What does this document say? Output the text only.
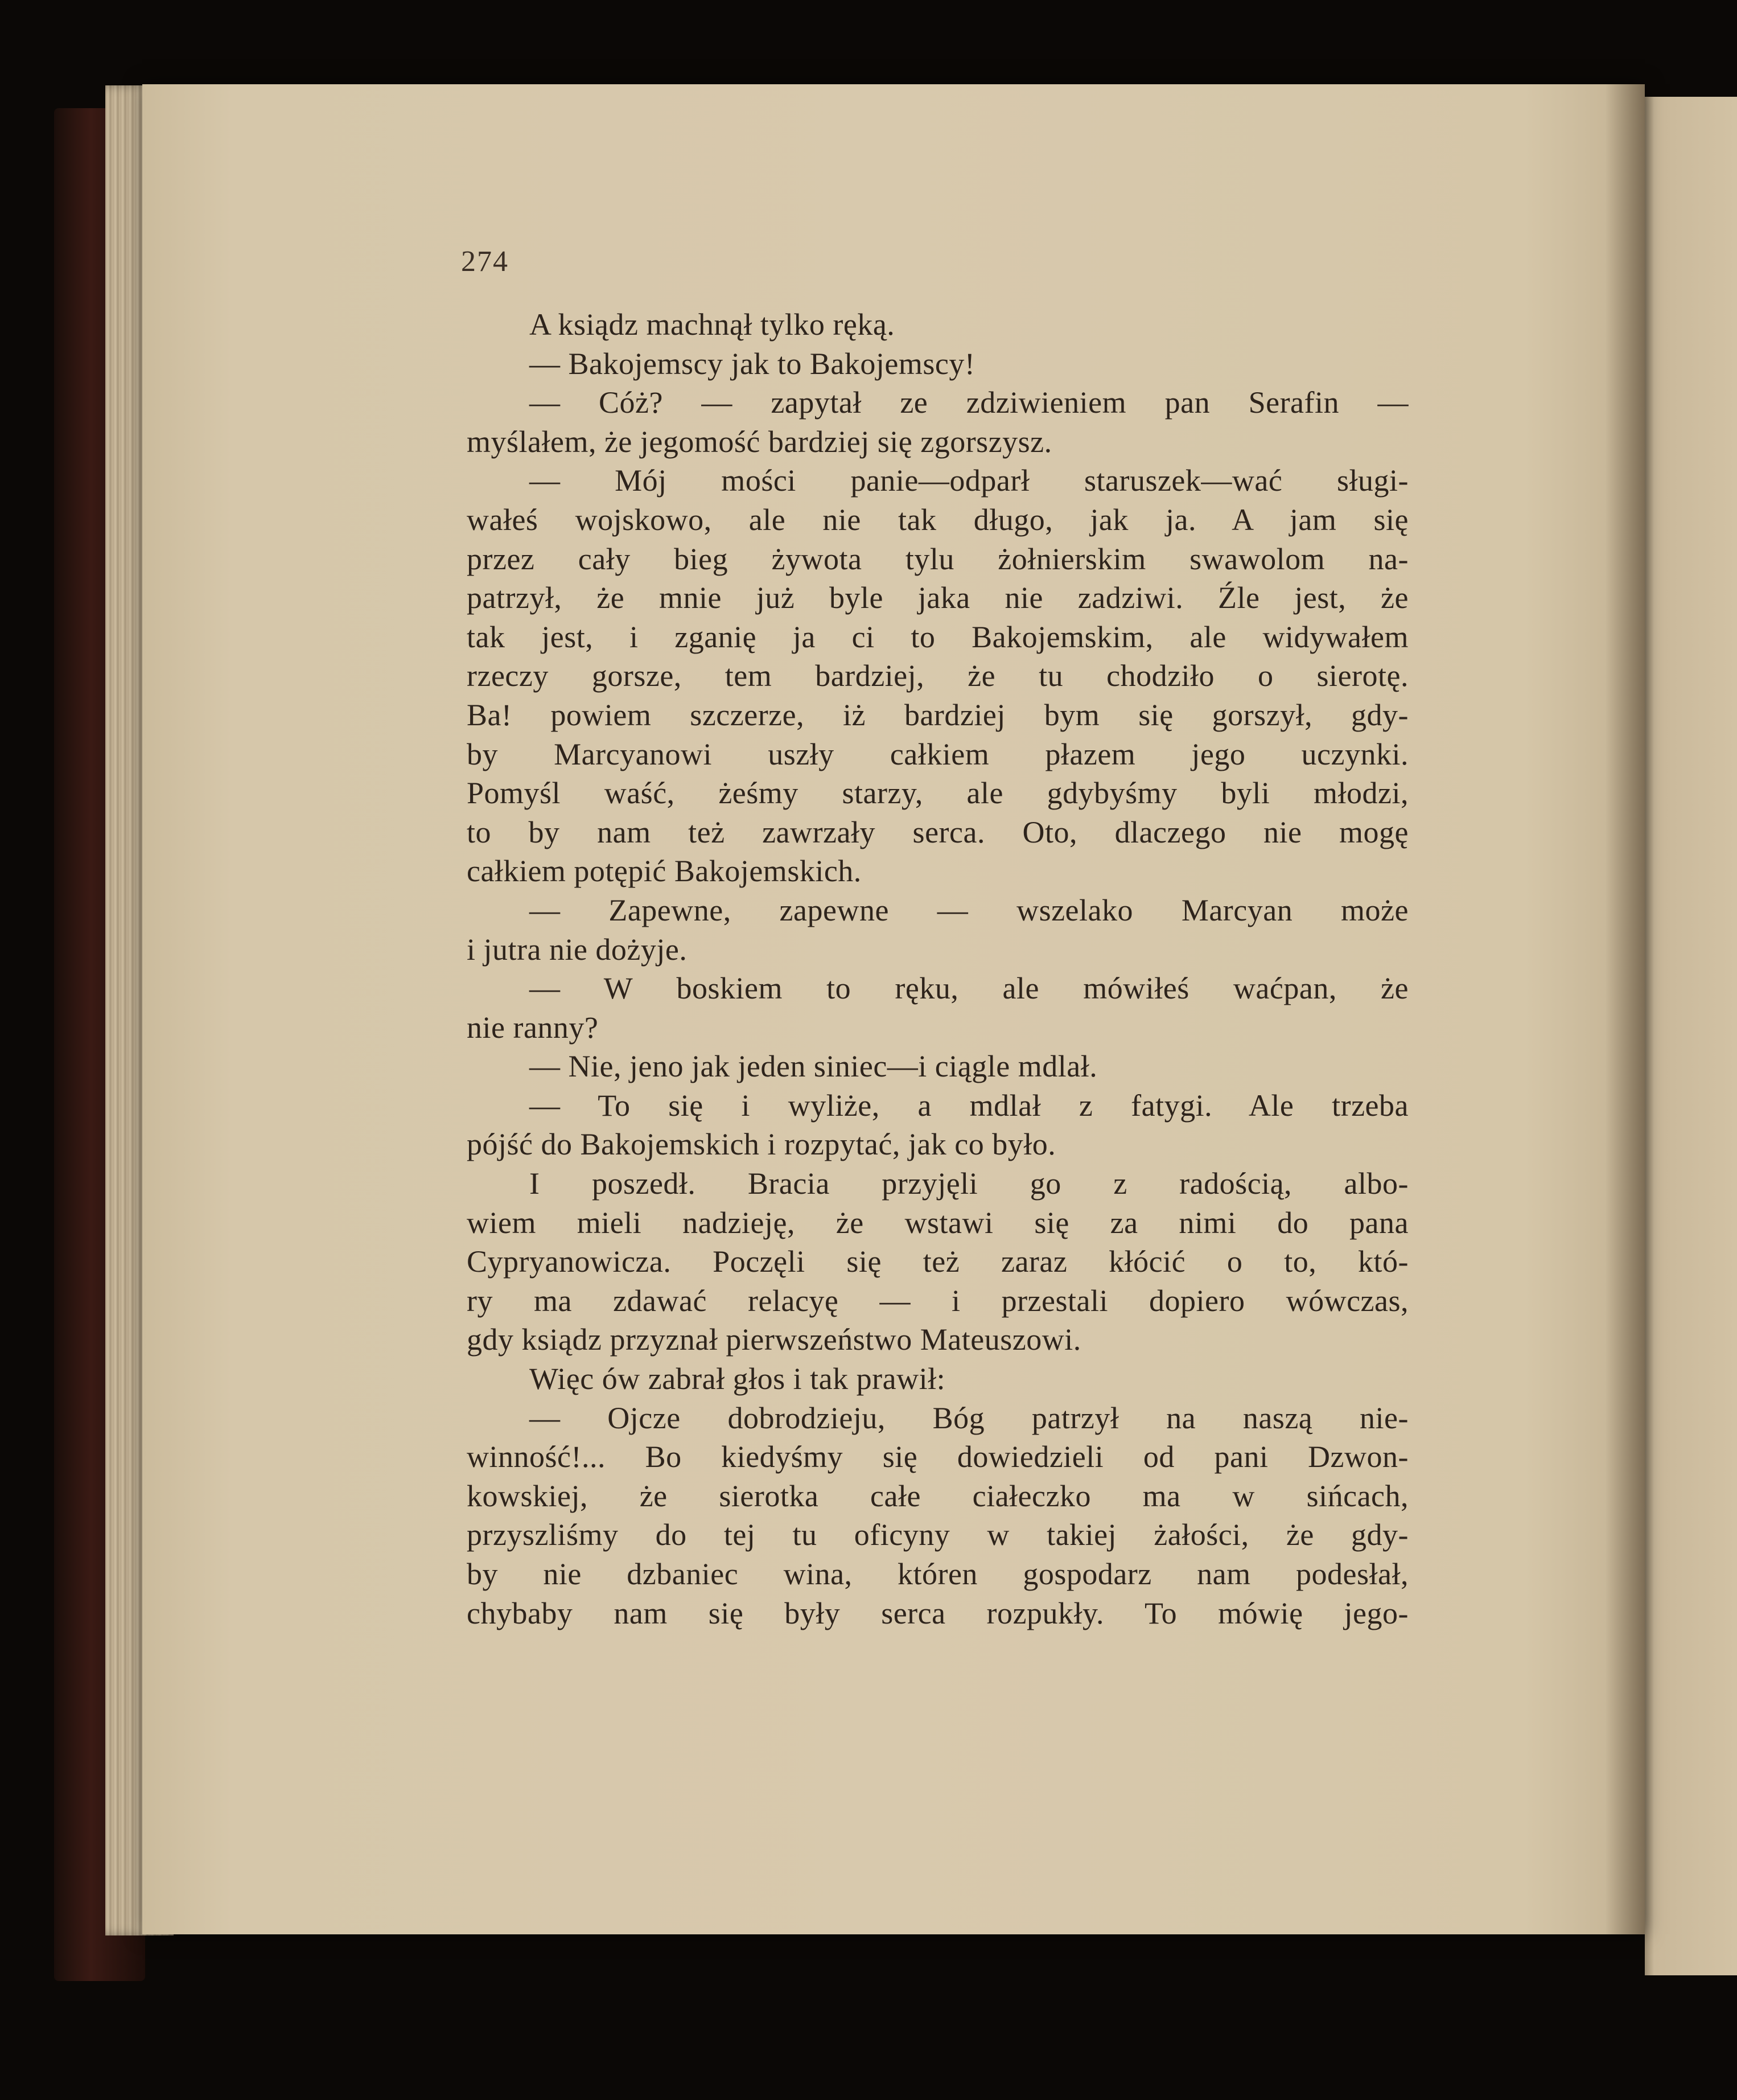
274
A ksiądz machnął tylko ręką.
— Bakojemscy jak to Bakojemscy!
— Cóż? — zapytał ze zdziwieniem pan Serafin —
myślałem, że jegomość bardziej się zgorszysz.
— Mój mości panie—odparł staruszek—wać sługi-
wałeś wojskowo, ale nie tak długo, jak ja. A jam się
przez cały bieg żywota tylu żołnierskim swawolom na-
patrzył, że mnie już byle jaka nie zadziwi. Źle jest, że
tak jest, i zganię ja ci to Bakojemskim, ale widywałem
rzeczy gorsze, tem bardziej, że tu chodziło o sierotę.
Ba! powiem szczerze, iż bardziej bym się gorszył, gdy-
by Marcyanowi uszły całkiem płazem jego uczynki.
Pomyśl waść, żeśmy starzy, ale gdybyśmy byli młodzi,
to by nam też zawrzały serca. Oto, dlaczego nie mogę
całkiem potępić Bakojemskich.
— Zapewne, zapewne — wszelako Marcyan może
i jutra nie dożyje.
— W boskiem to ręku, ale mówiłeś waćpan, że
nie ranny?
— Nie, jeno jak jeden siniec—i ciągle mdlał.
— To się i wyliże, a mdlał z fatygi. Ale trzeba
pójść do Bakojemskich i rozpytać, jak co było.
I poszedł. Bracia przyjęli go z radością, albo-
wiem mieli nadzieję, że wstawi się za nimi do pana
Cypryanowicza. Poczęli się też zaraz kłócić o to, któ-
ry ma zdawać relacyę — i przestali dopiero wówczas,
gdy ksiądz przyznał pierwszeństwo Mateuszowi.
Więc ów zabrał głos i tak prawił:
— Ojcze dobrodzieju, Bóg patrzył na naszą nie-
winność!... Bo kiedyśmy się dowiedzieli od pani Dzwon-
kowskiej, że sierotka całe ciałeczko ma w sińcach,
przyszliśmy do tej tu oficyny w takiej żałości, że gdy-
by nie dzbaniec wina, któren gospodarz nam podesłał,
chybaby nam się były serca rozpukły. To mówię jego-
